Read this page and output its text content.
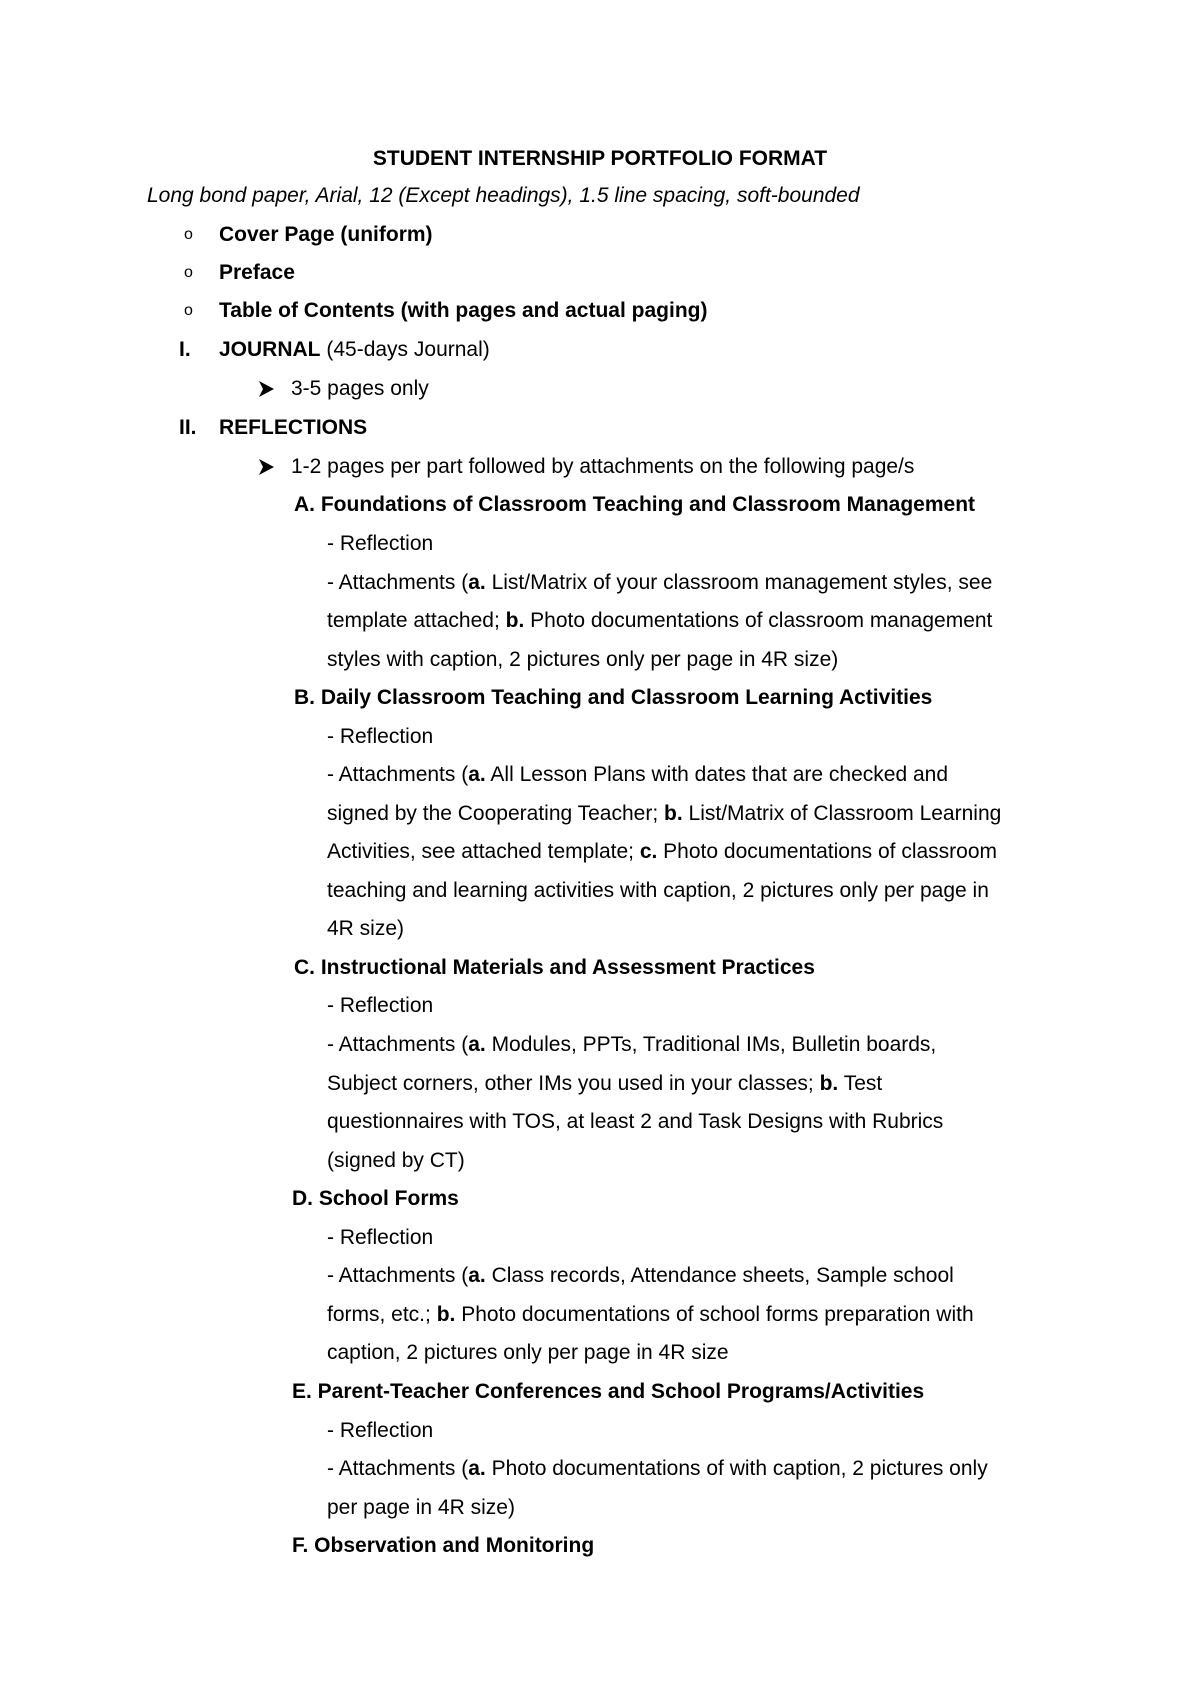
STUDENT INTERNSHIP PORTFOLIO FORMAT
Long bond paper, Arial, 12 (Except headings), 1.5 line spacing, soft-bounded
o Cover Page (uniform)
o Preface
o Table of Contents (with pages and actual paging)
I. JOURNAL (45-days Journal)
3-5 pages only
II. REFLECTIONS
1-2 pages per part followed by attachments on the following page/s
A. Foundations of Classroom Teaching and Classroom Management
- Reflection
- Attachments (a. List/Matrix of your classroom management styles, see
template attached; b. Photo documentations of classroom management
styles with caption, 2 pictures only per page in 4R size)
B. Daily Classroom Teaching and Classroom Learning Activities
- Reflection
- Attachments (a. All Lesson Plans with dates that are checked and
signed by the Cooperating Teacher; b. List/Matrix of Classroom Learning
Activities, see attached template; c. Photo documentations of classroom
teaching and learning activities with caption, 2 pictures only per page in
4R size)
C. Instructional Materials and Assessment Practices
- Reflection
- Attachments (a. Modules, PPTs, Traditional IMs, Bulletin boards,
Subject corners, other IMs you used in your classes; b. Test
questionnaires with TOS, at least 2 and Task Designs with Rubrics
(signed by CT)
D. School Forms
- Reflection
- Attachments (a. Class records, Attendance sheets, Sample school
forms, etc.; b. Photo documentations of school forms preparation with
caption, 2 pictures only per page in 4R size
E. Parent-Teacher Conferences and School Programs/Activities
- Reflection
- Attachments (a. Photo documentations of with caption, 2 pictures only
per page in 4R size)
F. Observation and Monitoring
